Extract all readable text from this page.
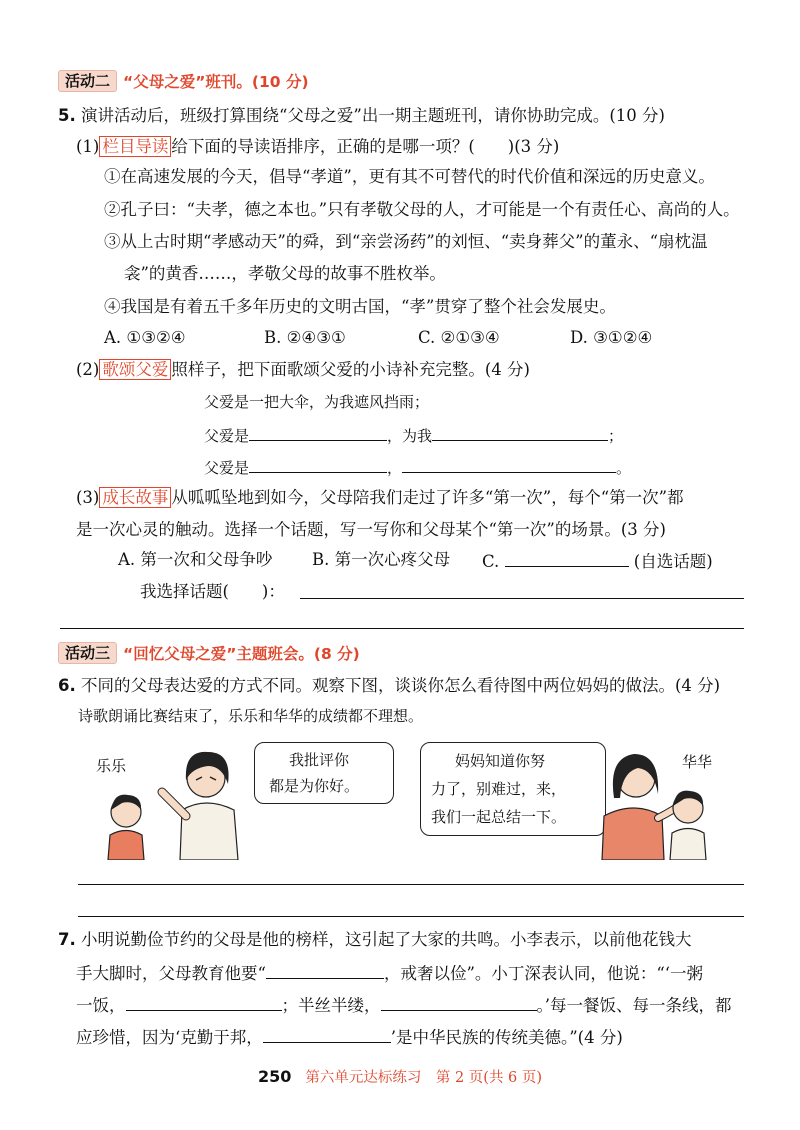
活动二 “父母之爱”班刊。(10 分)
5. 演讲活动后，班级打算围绕“父母之爱”出一期主题班刊，请你协助完成。(10 分)
(1) 栏目导读 给下面的导读语排序，正确的是哪一项？(　　)(3 分)
①在高速发展的今天，倡导“孝道”，更有其不可替代的时代价值和深远的历史意义。
②孔子曰：“夫孝，德之本也。”只有孝敬父母的人，才可能是一个有责任心、高尚的人。
③从上古时期“孝感动天”的舜，到“亲尝汤药”的刘恒、“卖身葬父”的董永、“扇枕温
衾”的黄香……，孝敬父母的故事不胜枚举。
④我国是有着五千多年历史的文明古国，“孝”贯穿了整个社会发展史。
A. ①③②④	B. ②④③①	C. ②①③④	D. ③①②④
(2) 歌颂父爱 照样子，把下面歌颂父爱的小诗补充完整。(4 分)
父爱是一把大伞，为我遮风挡雨；
父爱是	，为我	；
父爱是	，	。
(3) 成长故事 从呱呱坠地到如今，父母陪我们走过了许多“第一次”，每个“第一次”都
是一次心灵的触动。选择一个话题，写一写你和父母某个“第一次”的场景。(3 分)
A. 第一次和父母争吵 B. 第一次心疼父母 C.	(自选话题)
我选择话题(　　)：
活动三 “回忆父母之爱”主题班会。(8 分)
6. 不同的父母表达爱的方式不同。观察下图，谈谈你怎么看待图中两位妈妈的做法。(4 分)
诗歌朗诵比赛结束了，乐乐和华华的成绩都不理想。
乐乐	华华
我批评你
都是为你好。
妈妈知道你努
力了，别难过，来，
我们一起总结一下。
7. 小明说勤俭节约的父母是他的榜样，这引起了大家的共鸣。小李表示，以前他花钱大
手大脚时，父母教育他要“	，戒奢以俭”。小丁深表认同，他说：“‘一粥
一饭，	；半丝半缕，	。’每一餐饭、每一条线，都
应珍惜，因为‘克勤于邦，	’是中华民族的传统美德。”(4 分)
250 第六单元达标练习　第 2 页(共 6 页)
